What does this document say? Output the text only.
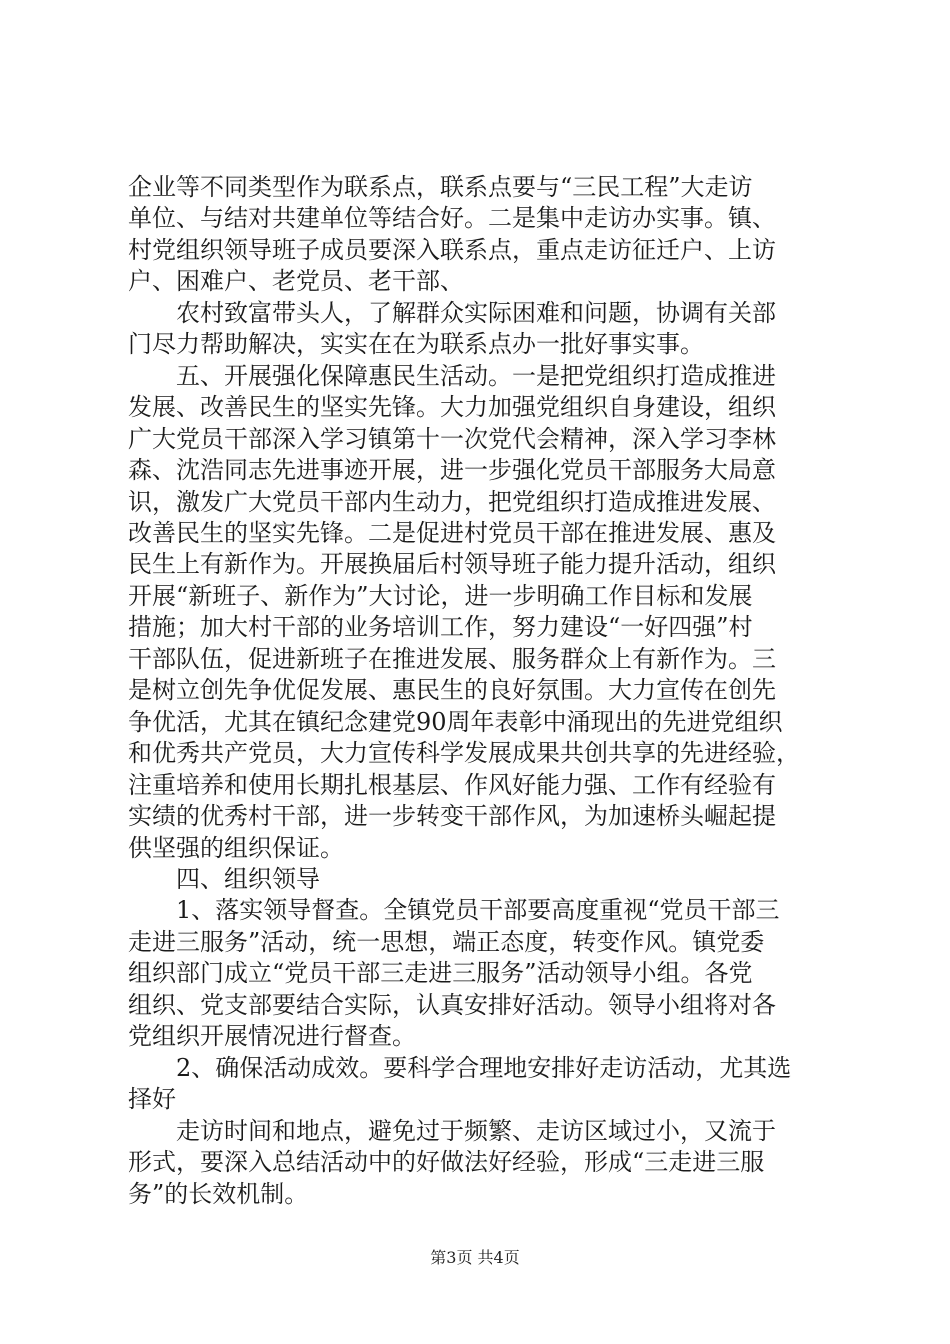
企业等不同类型作为联系点，联系点要与“三民工程”大走访
单位、与结对共建单位等结合好。二是集中走访办实事。镇、
村党组织领导班子成员要深入联系点，重点走访征迁户、上访
户、困难户、老党员、老干部、
　　农村致富带头人，了解群众实际困难和问题，协调有关部
门尽力帮助解决，实实在在为联系点办一批好事实事。
　　五、开展强化保障惠民生活动。一是把党组织打造成推进
发展、改善民生的坚实先锋。大力加强党组织自身建设，组织
广大党员干部深入学习镇第十一次党代会精神，深入学习李林
森、沈浩同志先进事迹开展，进一步强化党员干部服务大局意
识，激发广大党员干部内生动力，把党组织打造成推进发展、
改善民生的坚实先锋。二是促进村党员干部在推进发展、惠及
民生上有新作为。开展换届后村领导班子能力提升活动，组织
开展“新班子、新作为”大讨论，进一步明确工作目标和发展
措施；加大村干部的业务培训工作，努力建设“一好四强”村
干部队伍，促进新班子在推进发展、服务群众上有新作为。三
是树立创先争优促发展、惠民生的良好氛围。大力宣传在创先
争优活，尤其在镇纪念建党90周年表彰中涌现出的先进党组织
和优秀共产党员，大力宣传科学发展成果共创共享的先进经验，
注重培养和使用长期扎根基层、作风好能力强、工作有经验有
实绩的优秀村干部，进一步转变干部作风，为加速桥头崛起提
供坚强的组织保证。
　　四、组织领导
　　1、落实领导督查。全镇党员干部要高度重视“党员干部三
走进三服务”活动，统一思想，端正态度，转变作风。镇党委
组织部门成立“党员干部三走进三服务”活动领导小组。各党
组织、党支部要结合实际，认真安排好活动。领导小组将对各
党组织开展情况进行督查。
　　2、确保活动成效。要科学合理地安排好走访活动，尤其选
择好
　　走访时间和地点，避免过于频繁、走访区域过小，又流于
形式，要深入总结活动中的好做法好经验，形成“三走进三服
务”的长效机制。
第3页 共4页
